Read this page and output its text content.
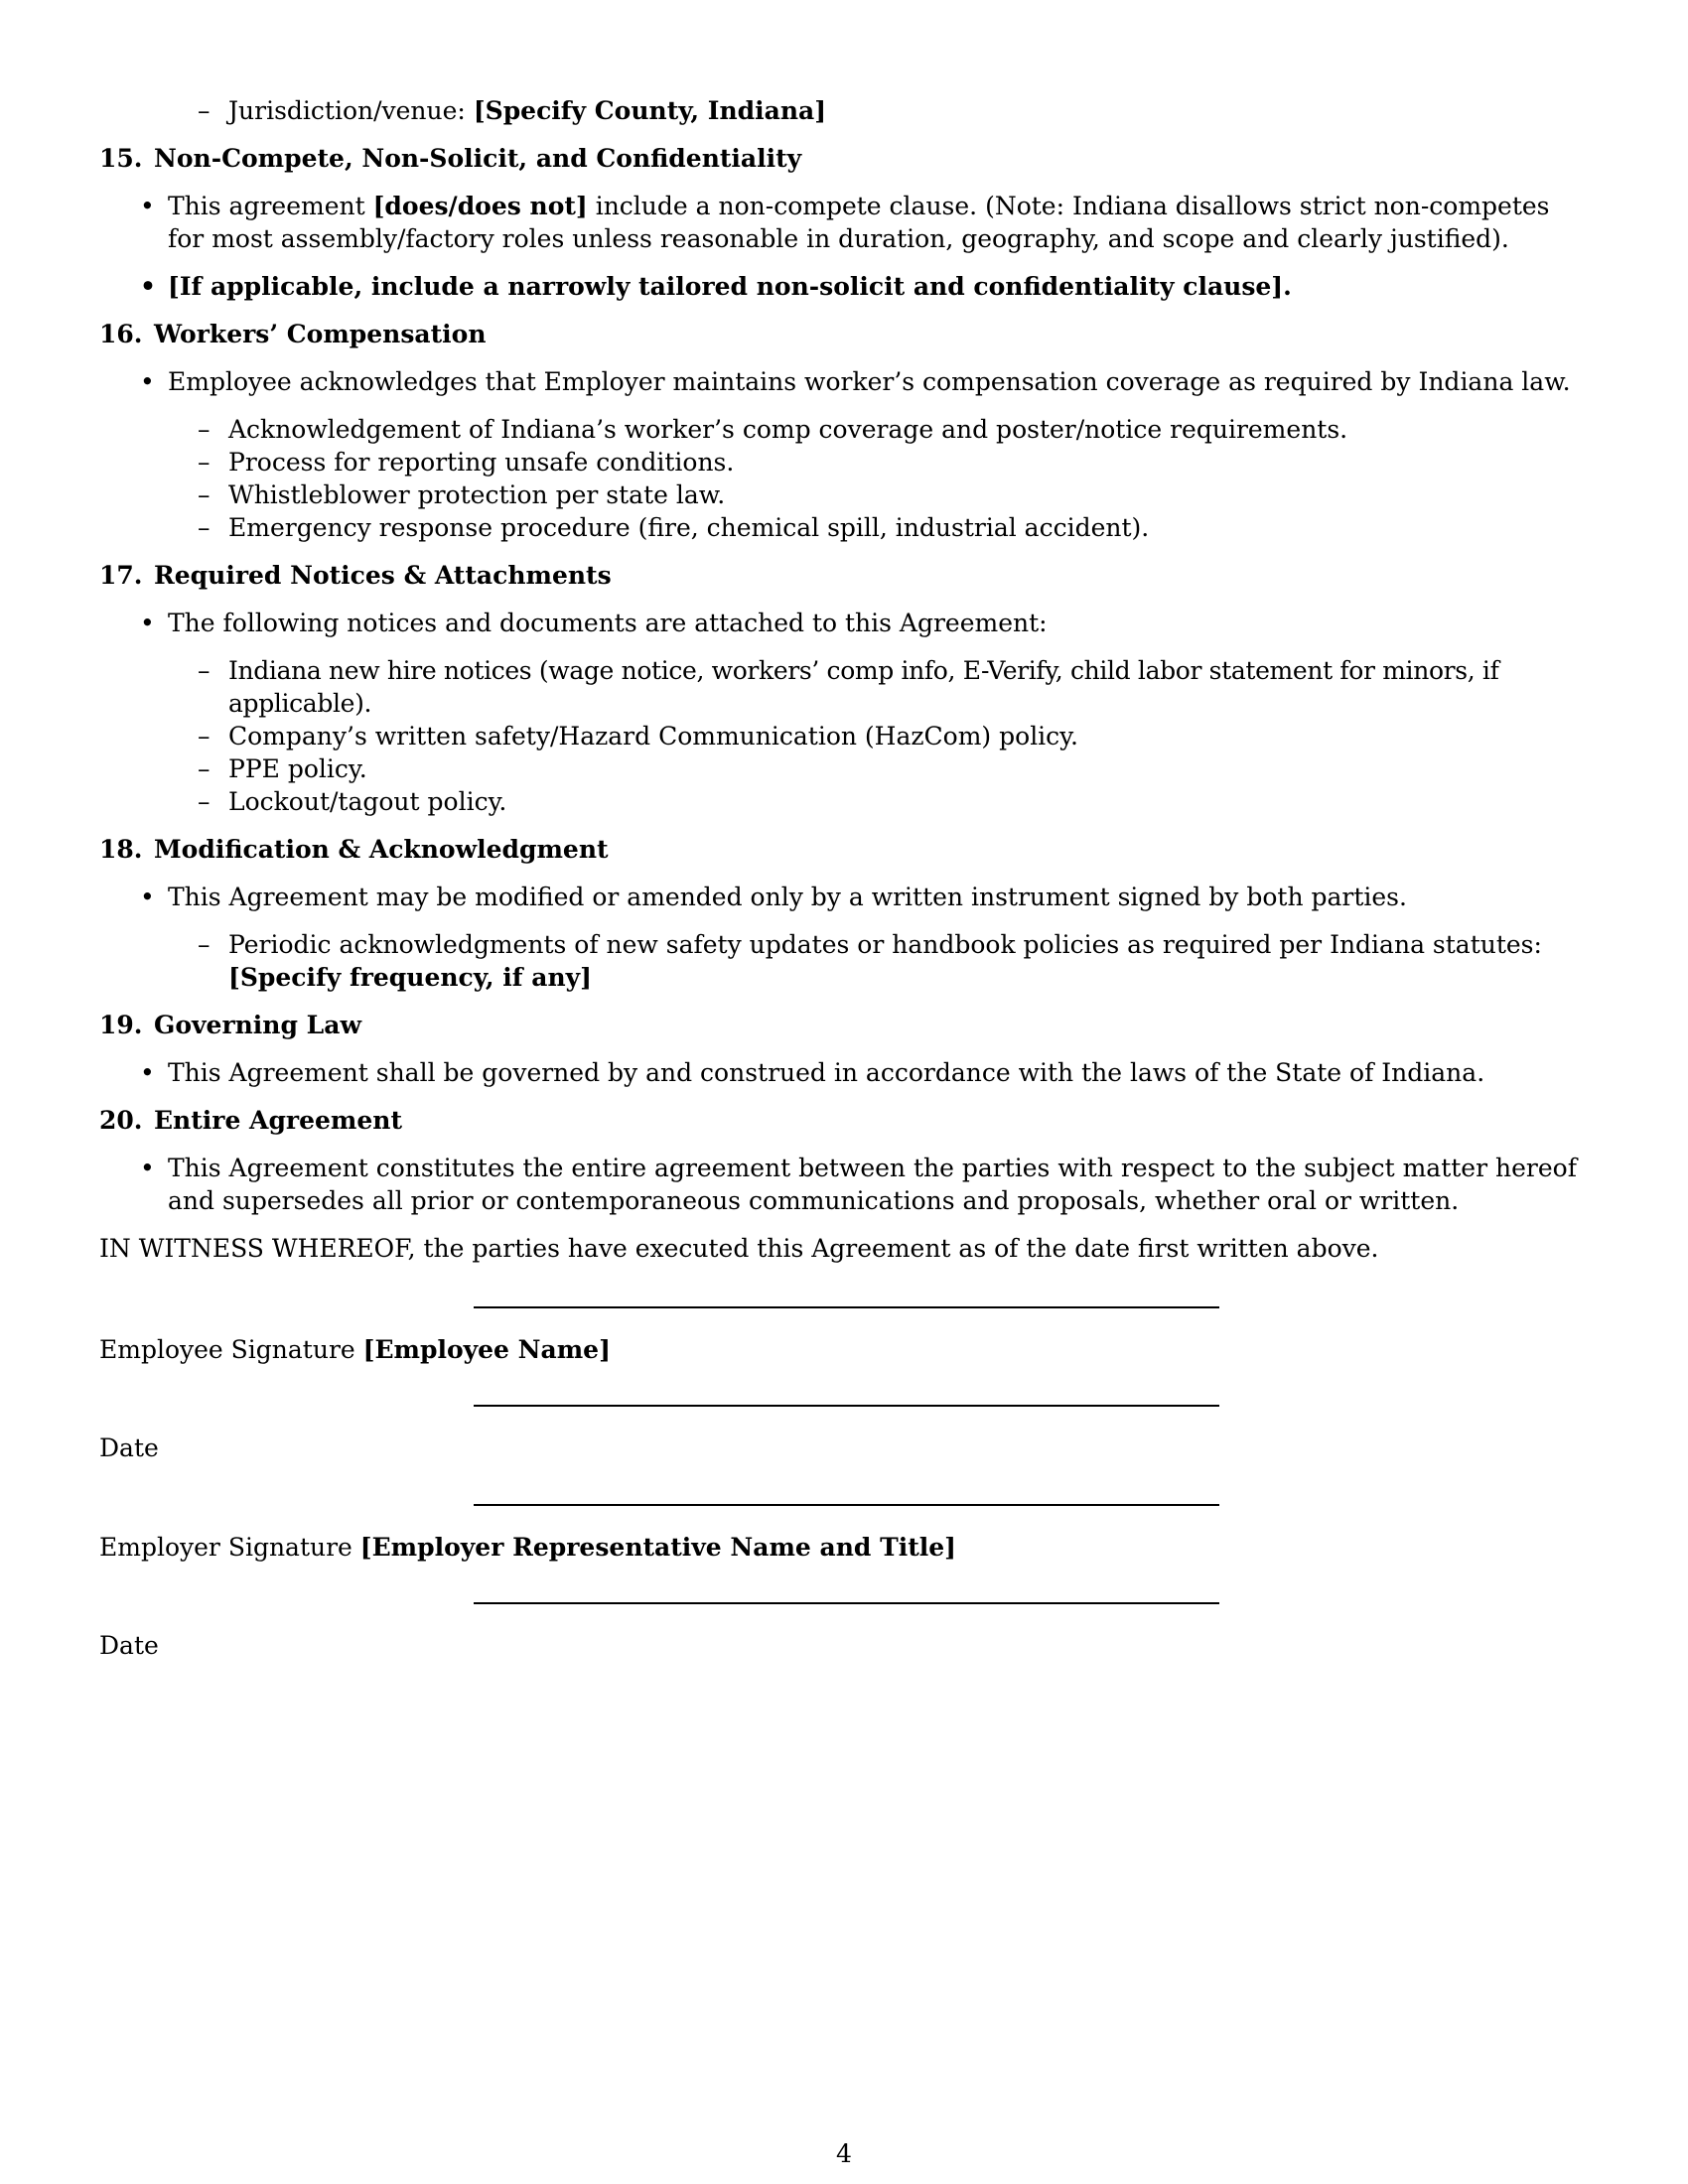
– Jurisdiction/venue: [Specify County, Indiana]

15. Non-Compete, Non-Solicit, and Confidentiality

• This agreement [does/does not] include a non-compete clause. (Note: Indiana disallows strict non-competes for most assembly/factory roles unless reasonable in duration, geography, and scope and clearly justified).

• [If applicable, include a narrowly tailored non-solicit and confidentiality clause].

16. Workers’ Compensation

• Employee acknowledges that Employer maintains worker’s compensation coverage as required by Indiana law.

– Acknowledgement of Indiana’s worker’s comp coverage and poster/notice requirements.

– Process for reporting unsafe conditions.

– Whistleblower protection per state law.

– Emergency response procedure (fire, chemical spill, industrial accident).

17. Required Notices & Attachments

• The following notices and documents are attached to this Agreement:

– Indiana new hire notices (wage notice, workers’ comp info, E-Verify, child labor statement for minors, if applicable).

– Company’s written safety/Hazard Communication (HazCom) policy.

– PPE policy.

– Lockout/tagout policy.

18. Modification & Acknowledgment

• This Agreement may be modified or amended only by a written instrument signed by both parties.

– Periodic acknowledgments of new safety updates or handbook policies as required per Indiana statutes: [Specify frequency, if any]

19. Governing Law

• This Agreement shall be governed by and construed in accordance with the laws of the State of Indiana.

20. Entire Agreement

• This Agreement constitutes the entire agreement between the parties with respect to the subject matter hereof and supersedes all prior or contemporaneous communications and proposals, whether oral or written.

IN WITNESS WHEREOF, the parties have executed this Agreement as of the date first written above.

Employee Signature [Employee Name]
Date
Employer Signature [Employer Representative Name and Title]
Date
4
